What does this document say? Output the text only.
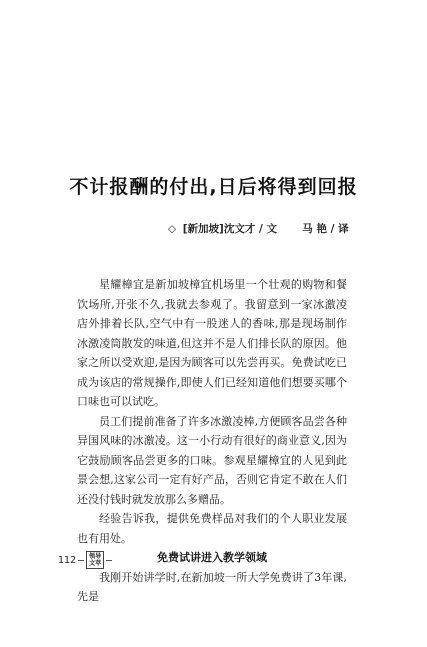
不计报酬的付出,日后将得到回报
◇ [新加坡]沈文才 / 文 马 艳 / 译

星耀樟宜是新加坡樟宜机场里一个壮观的购物和餐饮场所,开张不久,我就去参观了。我留意到一家冰激凌店外排着长队,空气中有一股迷人的香味,那是现场制作冰激凌筒散发的味道,但这并不是人们排长队的原因。他家之所以受欢迎,是因为顾客可以先尝再买。免费试吃已成为该店的常规操作,即使人们已经知道他们想要买哪个口味也可以试吃。

员工们提前准备了许多冰激凌棒,方便顾客品尝各种异国风味的冰激凌。这一小行动有很好的商业意义,因为它鼓励顾客品尝更多的口味。参观星耀樟宜的人见到此景会想,这家公司一定有好产品，否则它肯定不敢在人们还没付钱时就发放那么多赠品。

经验告诉我，提供免费样品对我们的个人职业发展也有用处。

免费试讲进入教学领域

我刚开始讲学时,在新加坡一所大学免费讲了3年课,先是

112 领导
文萃
